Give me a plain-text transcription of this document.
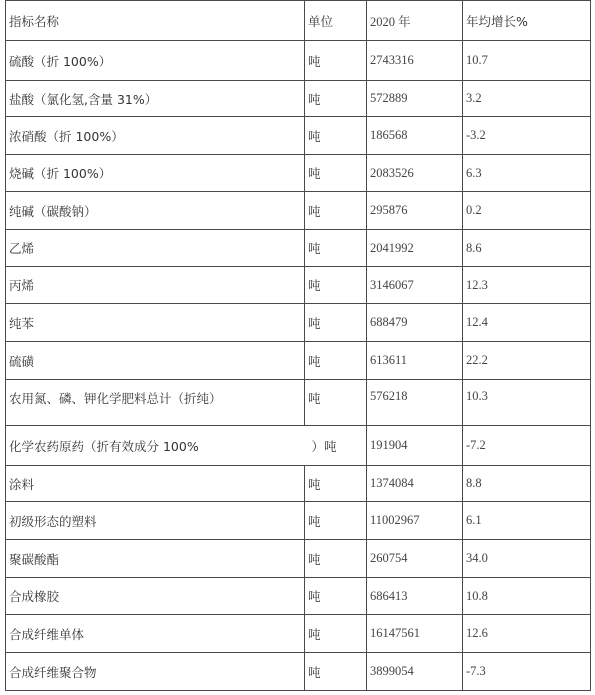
指标名称	单位	2020 年	年均增长%
硫酸（折 100%）	吨	2743316	10.7
盐酸（氯化氢,含量 31%）	吨	572889	3.2
浓硝酸（折 100%）	吨	186568	-3.2
烧碱（折 100%）	吨	2083526	6.3
纯碱（碳酸钠）	吨	295876	0.2
乙烯	吨	2041992	8.6
丙烯	吨	3146067	12.3
纯苯	吨	688479	12.4
硫磺	吨	613611	22.2
农用氮、磷、钾化学肥料总计（折纯）	吨	576218	10.3
化学农药原药（折有效成分 100%	）吨	191904	-7.2
涂料	吨	1374084	8.8
初级形态的塑料	吨	11002967	6.1
聚碳酸酯	吨	260754	34.0
合成橡胶	吨	686413	10.8
合成纤维单体	吨	16147561	12.6
合成纤维聚合物	吨	3899054	-7.3
